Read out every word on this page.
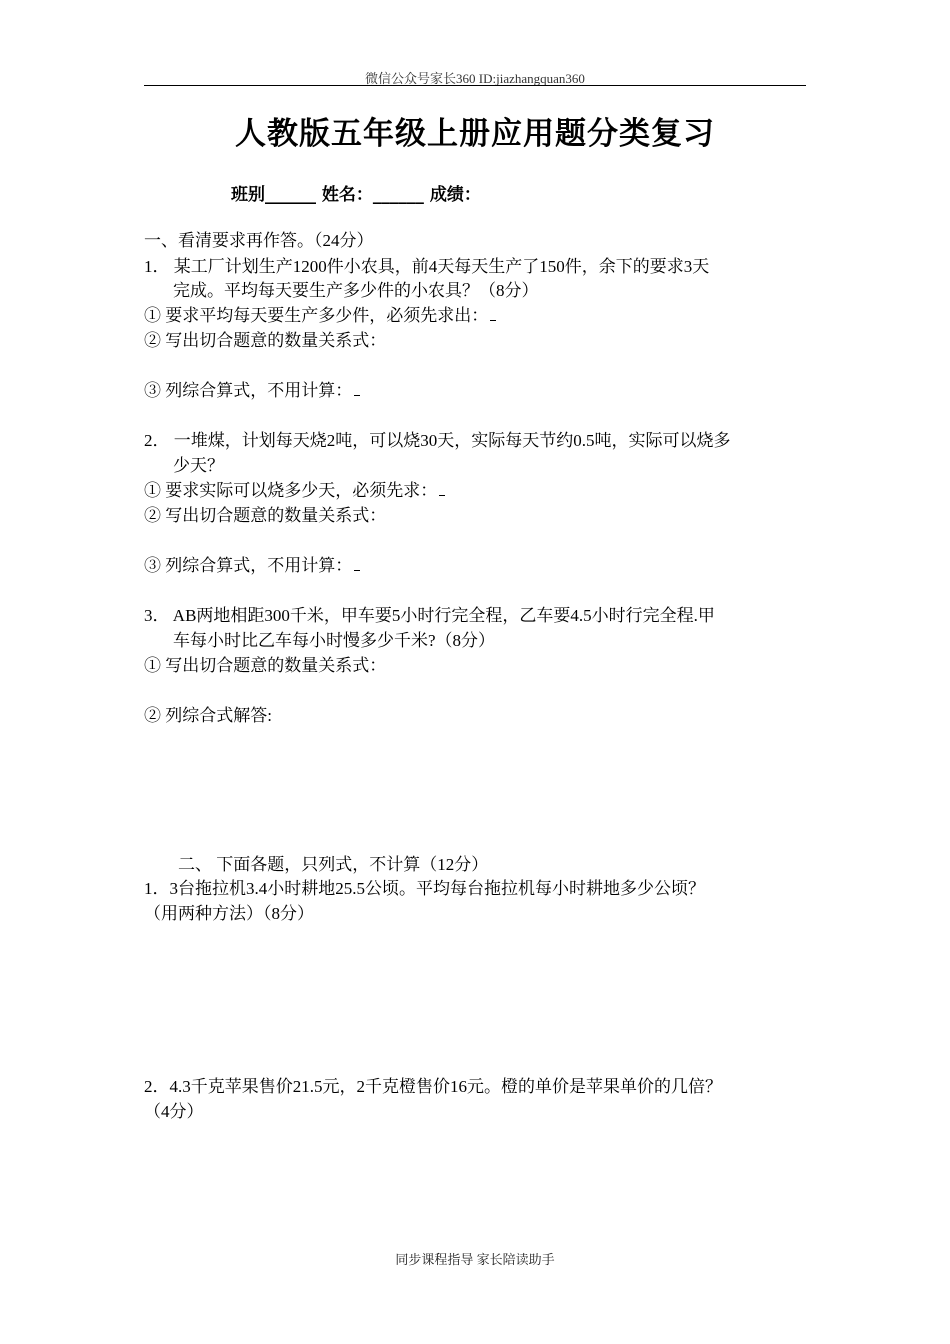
微信公众号家长360 ID:jiazhangquan360
人教版五年级上册应用题分类复习
班别______ 姓名：______ 成绩：
一、看清要求再作答。（24分）
1． 某工厂计划生产1200件小农具，前4天每天生产了150件，余下的要求3天
完成。平均每天要生产多少件的小农具？（8分）
① 要求平均每天要生产多少件，必须先求出：
② 写出切合题意的数量关系式：
③ 列综合算式，不用计算：
2． 一堆煤，计划每天烧2吨，可以烧30天，实际每天节约0.5吨，实际可以烧多
少天？
① 要求实际可以烧多少天，必须先求：
② 写出切合题意的数量关系式：
③ 列综合算式，不用计算：
3． AB两地相距300千米，甲车要5小时行完全程，乙车要4.5小时行完全程.甲
车每小时比乙车每小时慢多少千米?（8分）
① 写出切合题意的数量关系式：
② 列综合式解答:
二、 下面各题，只列式，不计算（12分）
1．3台拖拉机3.4小时耕地25.5公顷。平均每台拖拉机每小时耕地多少公顷？
（用两种方法）（8分）
2．4.3千克苹果售价21.5元，2千克橙售价16元。橙的单价是苹果单价的几倍？
（4分）
同步课程指导 家长陪读助手
